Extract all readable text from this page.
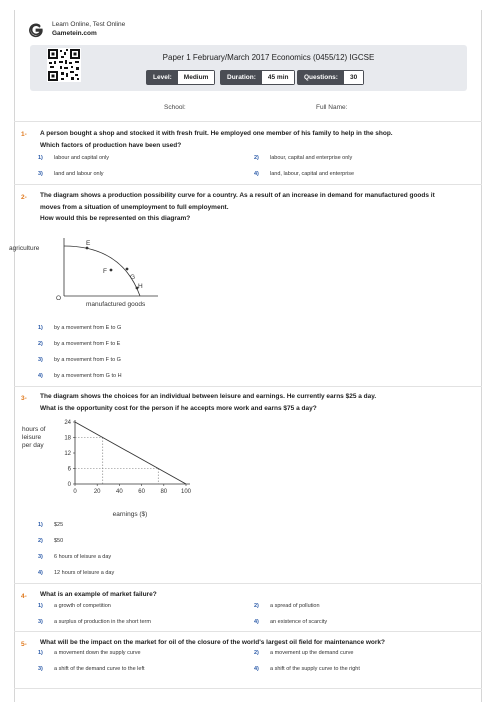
Learn Online, Test Online
Gametein.com
Paper 1 February/March 2017 Economics (0455/12) IGCSE
Level:	Medium	Duration:	45 min	Questions:	30
School:	Full Name:
1- A person bought a shop and stocked it with fresh fruit. He employed one member of his family to help in the shop.
Which factors of production have been used?
1) labour and capital only	2) labour, capital and enterprise only
3) land and labour only	4) land, labour, capital and enterprise
2- The diagram shows a production possibility curve for a country. As a result of an increase in demand for manufactured goods it
moves from a situation of unemployment to full employment.
How would this be represented on this diagram?
agriculture
manufactured goods
O
E
F
G
H
1) by a movement from E to G
2) by a movement from F to E
3) by a movement from F to G
4) by a movement from G to H
3- The diagram shows the choices for an individual between leisure and earnings. He currently earns $25 a day.
What is the opportunity cost for the person if he accepts more work and earns $75 a day?
hours of leisure per day
0
6
12
18
24
0	20	40	60	80 100
earnings ($)
1) $25
2) $50
3) 6 hours of leisure a day
4) 12 hours of leisure a day
4- What is an example of market failure?
1) a growth of competition	2) a spread of pollution
3) a surplus of production in the short term	4) an existence of scarcity
5- What will be the impact on the market for oil of the closure of the world's largest oil field for maintenance work?
1) a movement down the supply curve	2) a movement up the demand curve
3) a shift of the demand curve to the left	4) a shift of the supply curve to the right
